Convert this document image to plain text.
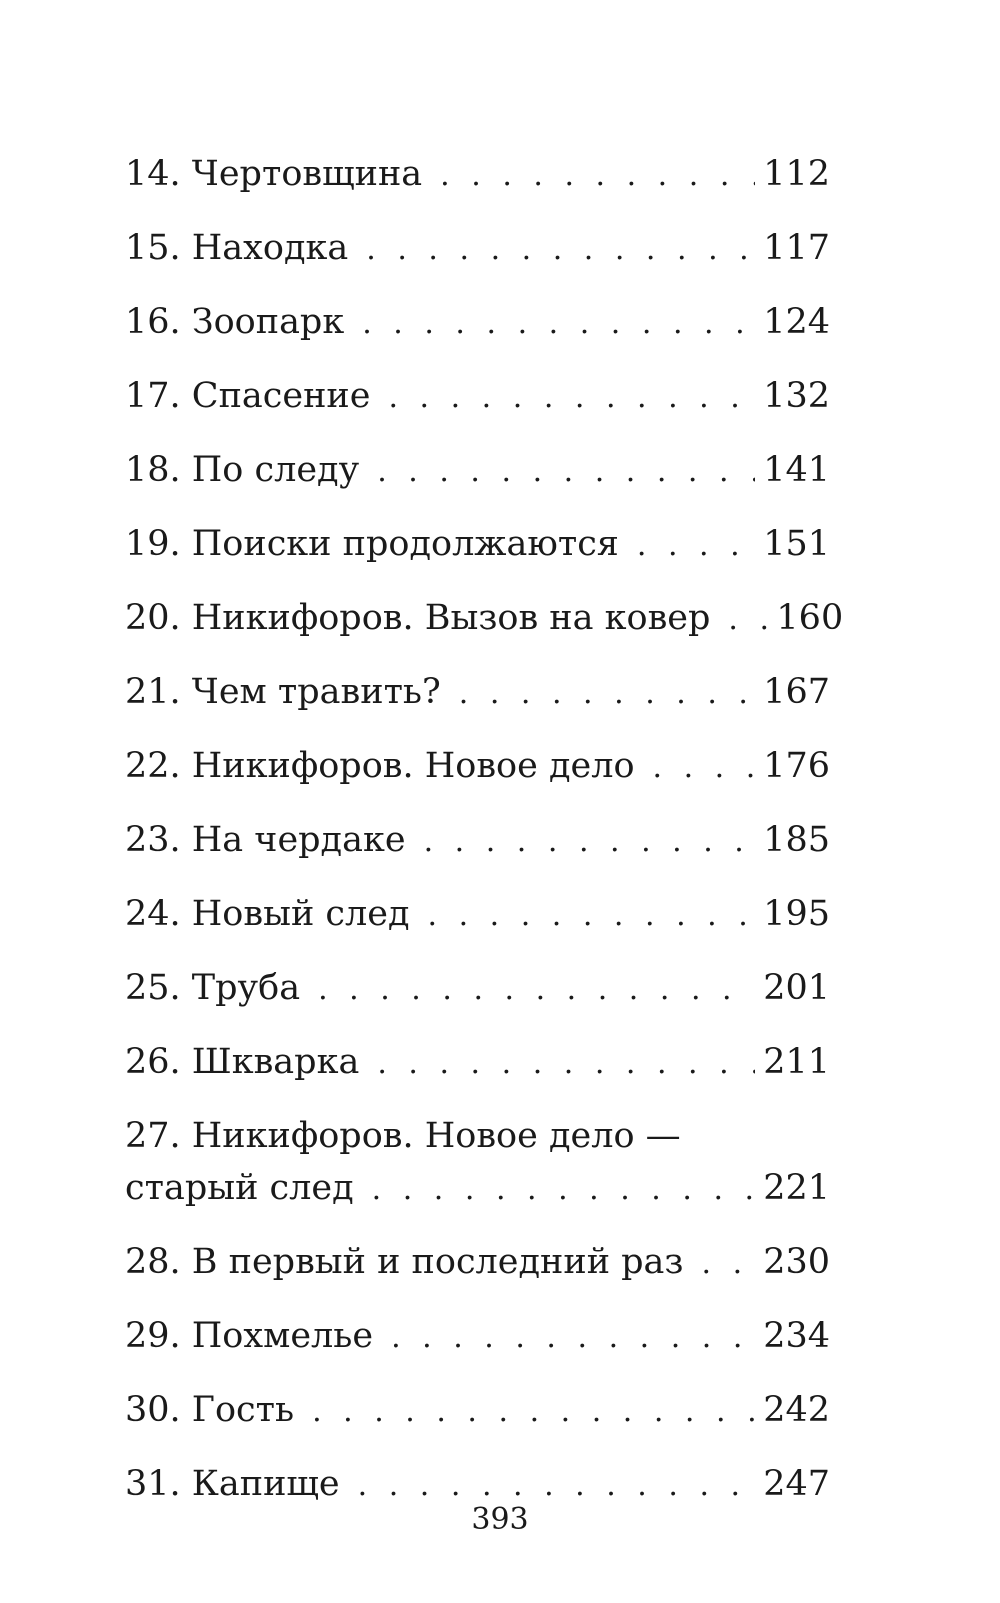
14. Чертовщина . . .	112
15. Находка . . .	117
16. Зоопарк . . .	124
17. Спасение . . .	132
18. По следу . . .	141
19. Поиски продолжаются . . .	151
20. Никифоров. Вызов на ковер . . . 160
21. Чем травить? . . .	167
22. Никифоров. Новое дело . . .	176
23. На чердаке . . .	185
24. Новый след . . .	195
25. Труба . . .	201
26. Шкварка . . .	211
27. Никифоров. Новое дело —
старый след . . .	221
28. В первый и последний раз . . . 230
29. Похмелье . . .	234
30. Гость . . .	242
31. Капище . . .	247
393
